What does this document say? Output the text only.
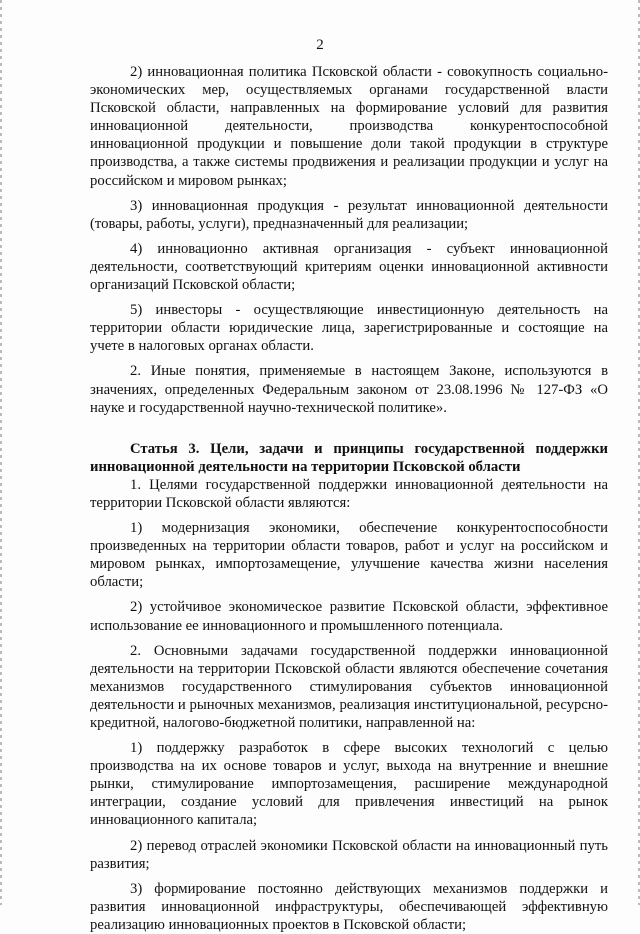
2

2) инновационная политика Псковской области - совокупность социально-экономических мер, осуществляемых органами государственной власти Псковской области, направленных на формирование условий для развития инновационной деятельности, производства конкурентоспособной инновационной продукции и повышение доли такой продукции в структуре производства, а также системы продвижения и реализации продукции и услуг на российском и мировом рынках;

3) инновационная продукция - результат инновационной деятельности (товары, работы, услуги), предназначенный для реализации;

4) инновационно активная организация - субъект инновационной деятельности, соответствующий критериям оценки инновационной активности организаций Псковской области;

5) инвесторы - осуществляющие инвестиционную деятельность на территории области юридические лица, зарегистрированные и состоящие на учете в налоговых органах области.

2. Иные понятия, применяемые в настоящем Законе, используются в значениях, определенных Федеральным законом от 23.08.1996 № 127-ФЗ «О науке и государственной научно-технической политике».

Статья 3. Цели, задачи и принципы государственной поддержки инновационной деятельности на территории Псковской области

1. Целями государственной поддержки инновационной деятельности на территории Псковской области являются:

1) модернизация экономики, обеспечение конкурентоспособности произведенных на территории области товаров, работ и услуг на российском и мировом рынках, импортозамещение, улучшение качества жизни населения области;

2) устойчивое экономическое развитие Псковской области, эффективное использование ее инновационного и промышленного потенциала.

2. Основными задачами государственной поддержки инновационной деятельности на территории Псковской области являются обеспечение сочетания механизмов государственного стимулирования субъектов инновационной деятельности и рыночных механизмов, реализация институциональной, ресурсно-кредитной, налогово-бюджетной политики, направленной на:

1) поддержку разработок в сфере высоких технологий с целью производства на их основе товаров и услуг, выхода на внутренние и внешние рынки, стимулирование импортозамещения, расширение международной интеграции, создание условий для привлечения инвестиций на рынок инновационного капитала;

2) перевод отраслей экономики Псковской области на инновационный путь развития;

3) формирование постоянно действующих механизмов поддержки и развития инновационной инфраструктуры, обеспечивающей эффективную реализацию инновационных проектов в Псковской области;
